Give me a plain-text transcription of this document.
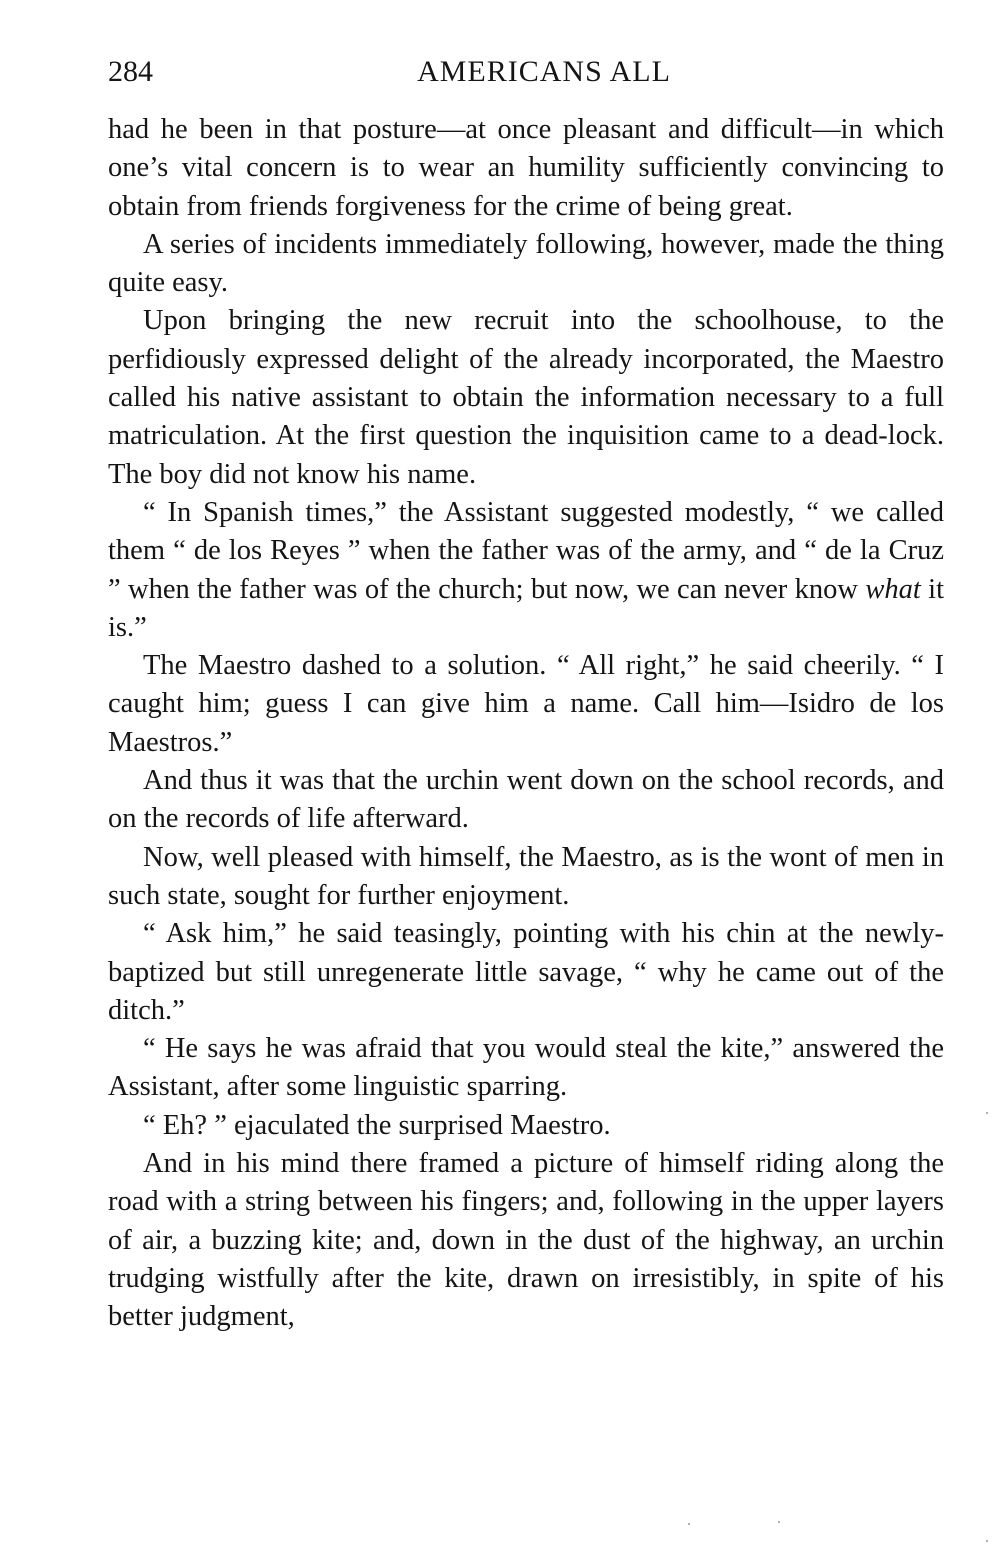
284	AMERICANS ALL

had he been in that posture—at once pleasant and difficult—in which one’s vital concern is to wear an humility sufficiently convincing to obtain from friends forgiveness for the crime of being great.

A series of incidents immediately following, however, made the thing quite easy.

Upon bringing the new recruit into the schoolhouse, to the perfidiously expressed delight of the already incorporated, the Maestro called his native assistant to obtain the information necessary to a full matriculation. At the first question the inquisition came to a dead-lock. The boy did not know his name.

“ In Spanish times,” the Assistant suggested modestly, “ we called them “ de los Reyes ” when the father was of the army, and “ de la Cruz ” when the father was of the church; but now, we can never know what it is.”

The Maestro dashed to a solution. “ All right,” he said cheerily. “ I caught him; guess I can give him a name. Call him—Isidro de los Maestros.”

And thus it was that the urchin went down on the school records, and on the records of life afterward.

Now, well pleased with himself, the Maestro, as is the wont of men in such state, sought for further enjoyment.

“ Ask him,” he said teasingly, pointing with his chin at the newly-baptized but still unregenerate little savage, “ why he came out of the ditch.”

“ He says he was afraid that you would steal the kite,” answered the Assistant, after some linguistic sparring.

“ Eh? ” ejaculated the surprised Maestro.

And in his mind there framed a picture of himself riding along the road with a string between his fingers; and, following in the upper layers of air, a buzzing kite; and, down in the dust of the highway, an urchin trudging wistfully after the kite, drawn on irresistibly, in spite of his better judgment,
